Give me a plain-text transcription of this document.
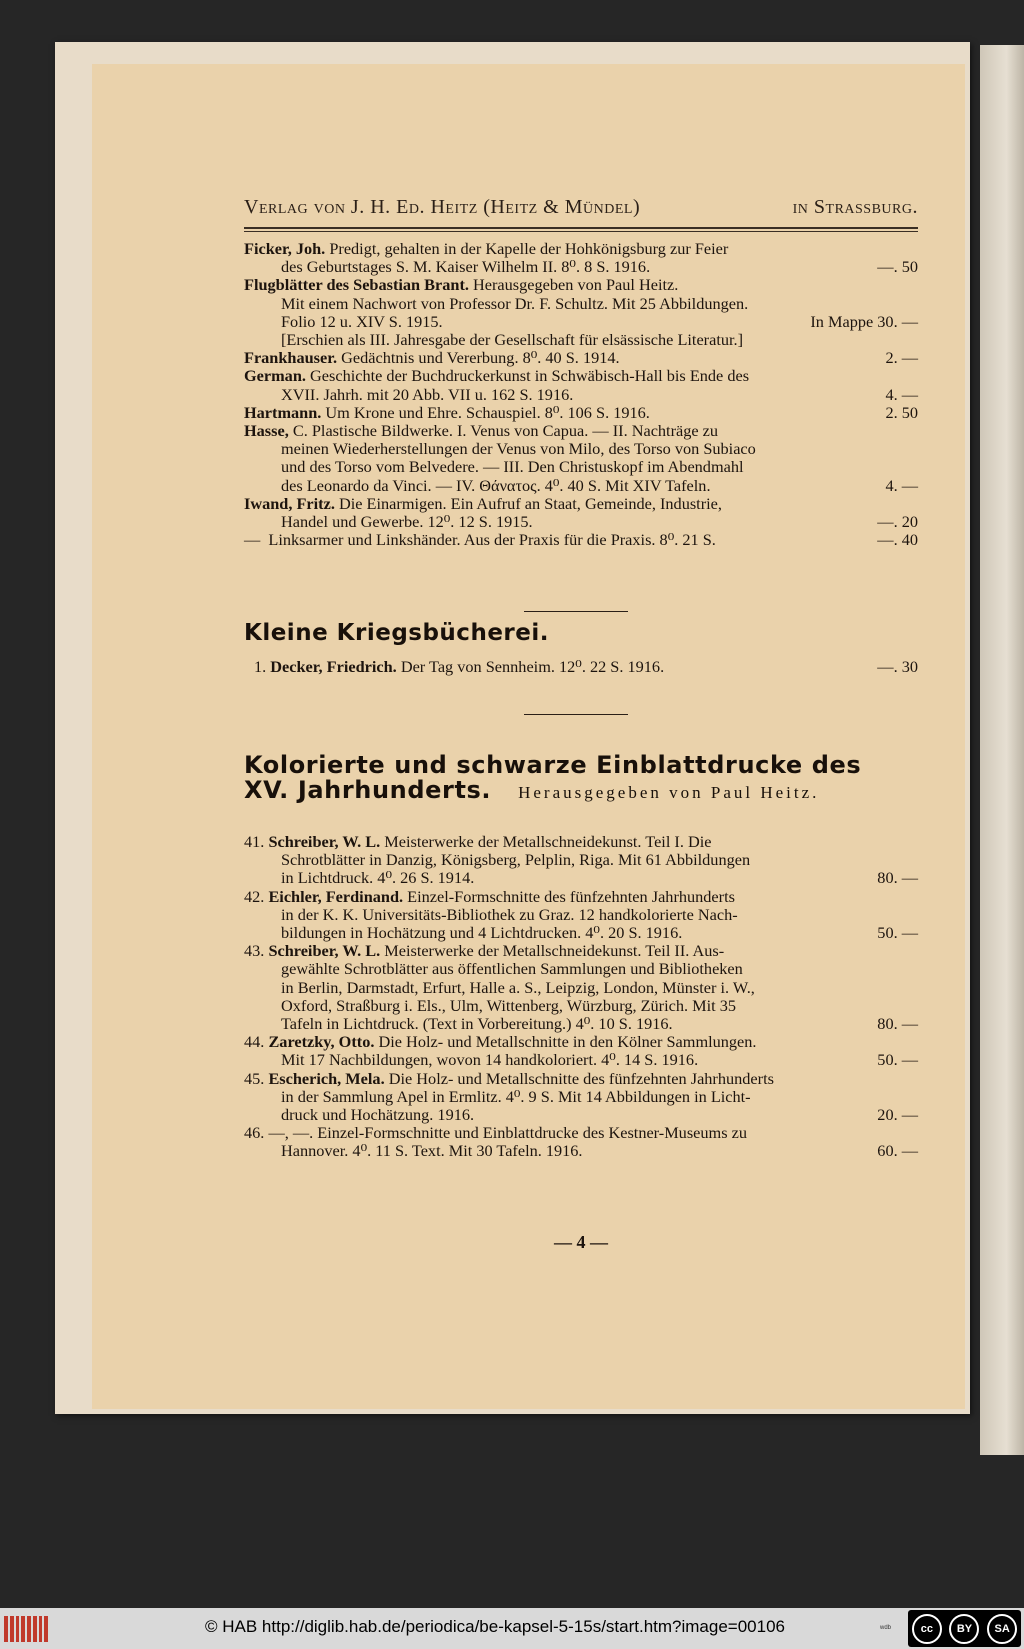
Verlag von J. H. Ed. Heitz (Heitz & Mündel)	in Strassburg.
Ficker, Joh. Predigt, gehalten in der Kapelle der Hohkönigsburg zur Feier
des Geburtstages S. M. Kaiser Wilhelm II. 8⁰. 8 S. 1916.	—. 50
Flugblätter des Sebastian Brant. Herausgegeben von Paul Heitz.
Mit einem Nachwort von Professor Dr. F. Schultz. Mit 25 Abbildungen.
Folio 12 u. XIV S. 1915.	In Mappe 30. —
[Erschien als III. Jahresgabe der Gesellschaft für elsässische Literatur.]
Frankhauser. Gedächtnis und Vererbung. 8⁰. 40 S. 1914.	2. —
German. Geschichte der Buchdruckerkunst in Schwäbisch-Hall bis Ende des
XVII. Jahrh. mit 20 Abb. VII u. 162 S. 1916.	4. —
Hartmann. Um Krone und Ehre. Schauspiel. 8⁰. 106 S. 1916.	2. 50
Hasse, C. Plastische Bildwerke. I. Venus von Capua. — II. Nachträge zu
meinen Wiederherstellungen der Venus von Milo, des Torso von Subiaco
und des Torso vom Belvedere. — III. Den Christuskopf im Abendmahl
des Leonardo da Vinci. — IV. Θάνατος. 4⁰. 40 S. Mit XIV Tafeln.	4. —
Iwand, Fritz. Die Einarmigen. Ein Aufruf an Staat, Gemeinde, Industrie,
Handel und Gewerbe. 12⁰. 12 S. 1915.	—. 20
— Linksarmer und Linkshänder. Aus der Praxis für die Praxis. 8⁰. 21 S.	—. 40
Kleine Kriegsbücherei.
1. Decker, Friedrich. Der Tag von Sennheim. 12⁰. 22 S. 1916.	—. 30
Kolorierte und schwarze Einblattdrucke des
XV. Jahrhunderts. Herausgegeben von Paul Heitz.
41. Schreiber, W. L. Meisterwerke der Metallschneidekunst. Teil I. Die
Schrotblätter in Danzig, Königsberg, Pelplin, Riga. Mit 61 Abbildungen
in Lichtdruck. 4⁰. 26 S. 1914.	80. —
42. Eichler, Ferdinand. Einzel-Formschnitte des fünfzehnten Jahrhunderts
in der K. K. Universitäts-Bibliothek zu Graz. 12 handkolorierte Nach-
bildungen in Hochätzung und 4 Lichtdrucken. 4⁰. 20 S. 1916.	50. —
43. Schreiber, W. L. Meisterwerke der Metallschneidekunst. Teil II. Aus-
gewählte Schrotblätter aus öffentlichen Sammlungen und Bibliotheken
in Berlin, Darmstadt, Erfurt, Halle a. S., Leipzig, London, Münster i. W.,
Oxford, Straßburg i. Els., Ulm, Wittenberg, Würzburg, Zürich. Mit 35
Tafeln in Lichtdruck. (Text in Vorbereitung.) 4⁰. 10 S. 1916.	80. —
44. Zaretzky, Otto. Die Holz- und Metallschnitte in den Kölner Sammlungen.
Mit 17 Nachbildungen, wovon 14 handkoloriert. 4⁰. 14 S. 1916.	50. —
45. Escherich, Mela. Die Holz- und Metallschnitte des fünfzehnten Jahrhunderts
in der Sammlung Apel in Ermlitz. 4⁰. 9 S. Mit 14 Abbildungen in Licht-
druck und Hochätzung. 1916.	20. —
46. —, —. Einzel-Formschnitte und Einblattdrucke des Kestner-Museums zu
Hannover. 4⁰. 11 S. Text. Mit 30 Tafeln. 1916.	60. —
— 4 —
© HAB http://diglib.hab.de/periodica/be-kapsel-5-15s/start.htm?image=00106	wdb	cc	BY	SA
